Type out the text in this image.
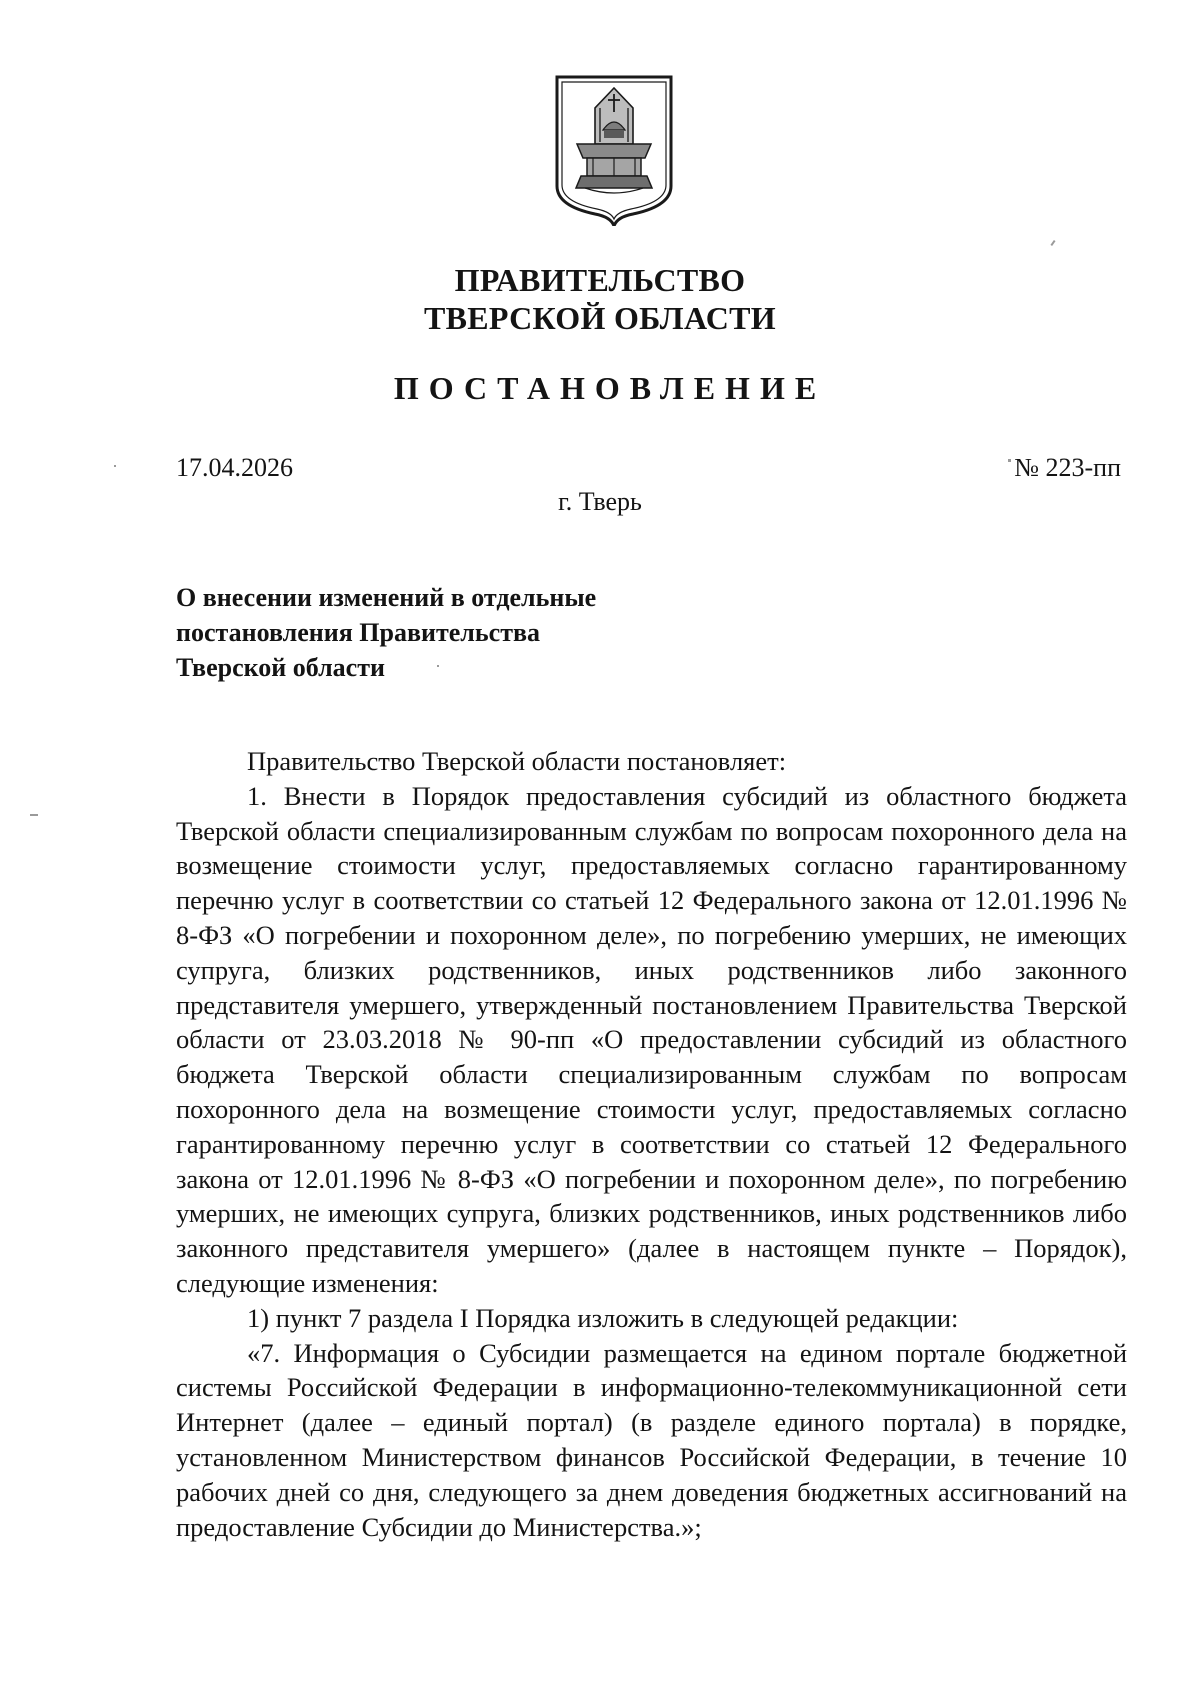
ПРАВИТЕЛЬСТВО
ТВЕРСКОЙ ОБЛАСТИ
ПОСТАНОВЛЕНИЕ
17.04.2026	№ 223-пп
г. Тверь
О внесении изменений в отдельные
постановления Правительства
Тверской области

Правительство Тверской области постановляет:

1. Внести в Порядок предоставления субсидий из областного бюджета Тверской области специализированным службам по вопросам похоронного дела на возмещение стоимости услуг, предоставляемых согласно гарантированному перечню услуг в соответствии со статьей 12 Федерального закона от 12.01.1996 № 8-ФЗ «О погребении и похоронном деле», по погребению умерших, не имеющих супруга, близких родственников, иных родственников либо законного представителя умершего, утвержденный постановлением Правительства Тверской области от 23.03.2018 № 90-пп «О предоставлении субсидий из областного бюджета Тверской области специализированным службам по вопросам похоронного дела на возмещение стоимости услуг, предоставляемых согласно гарантированному перечню услуг в соответствии со статьей 12 Федерального закона от 12.01.1996 № 8-ФЗ «О погребении и похоронном деле», по погребению умерших, не имеющих супруга, близких родственников, иных родственников либо законного представителя умершего» (далее в настоящем пункте – Порядок), следующие изменения:

1) пункт 7 раздела I Порядка изложить в следующей редакции:

«7. Информация о Субсидии размещается на едином портале бюджетной системы Российской Федерации в информационно-телекоммуникационной сети Интернет (далее – единый портал) (в разделе единого портала) в порядке, установленном Министерством финансов Российской Федерации, в течение 10 рабочих дней со дня, следующего за днем доведения бюджетных ассигнований на предоставление Субсидии до Министерства.»;
